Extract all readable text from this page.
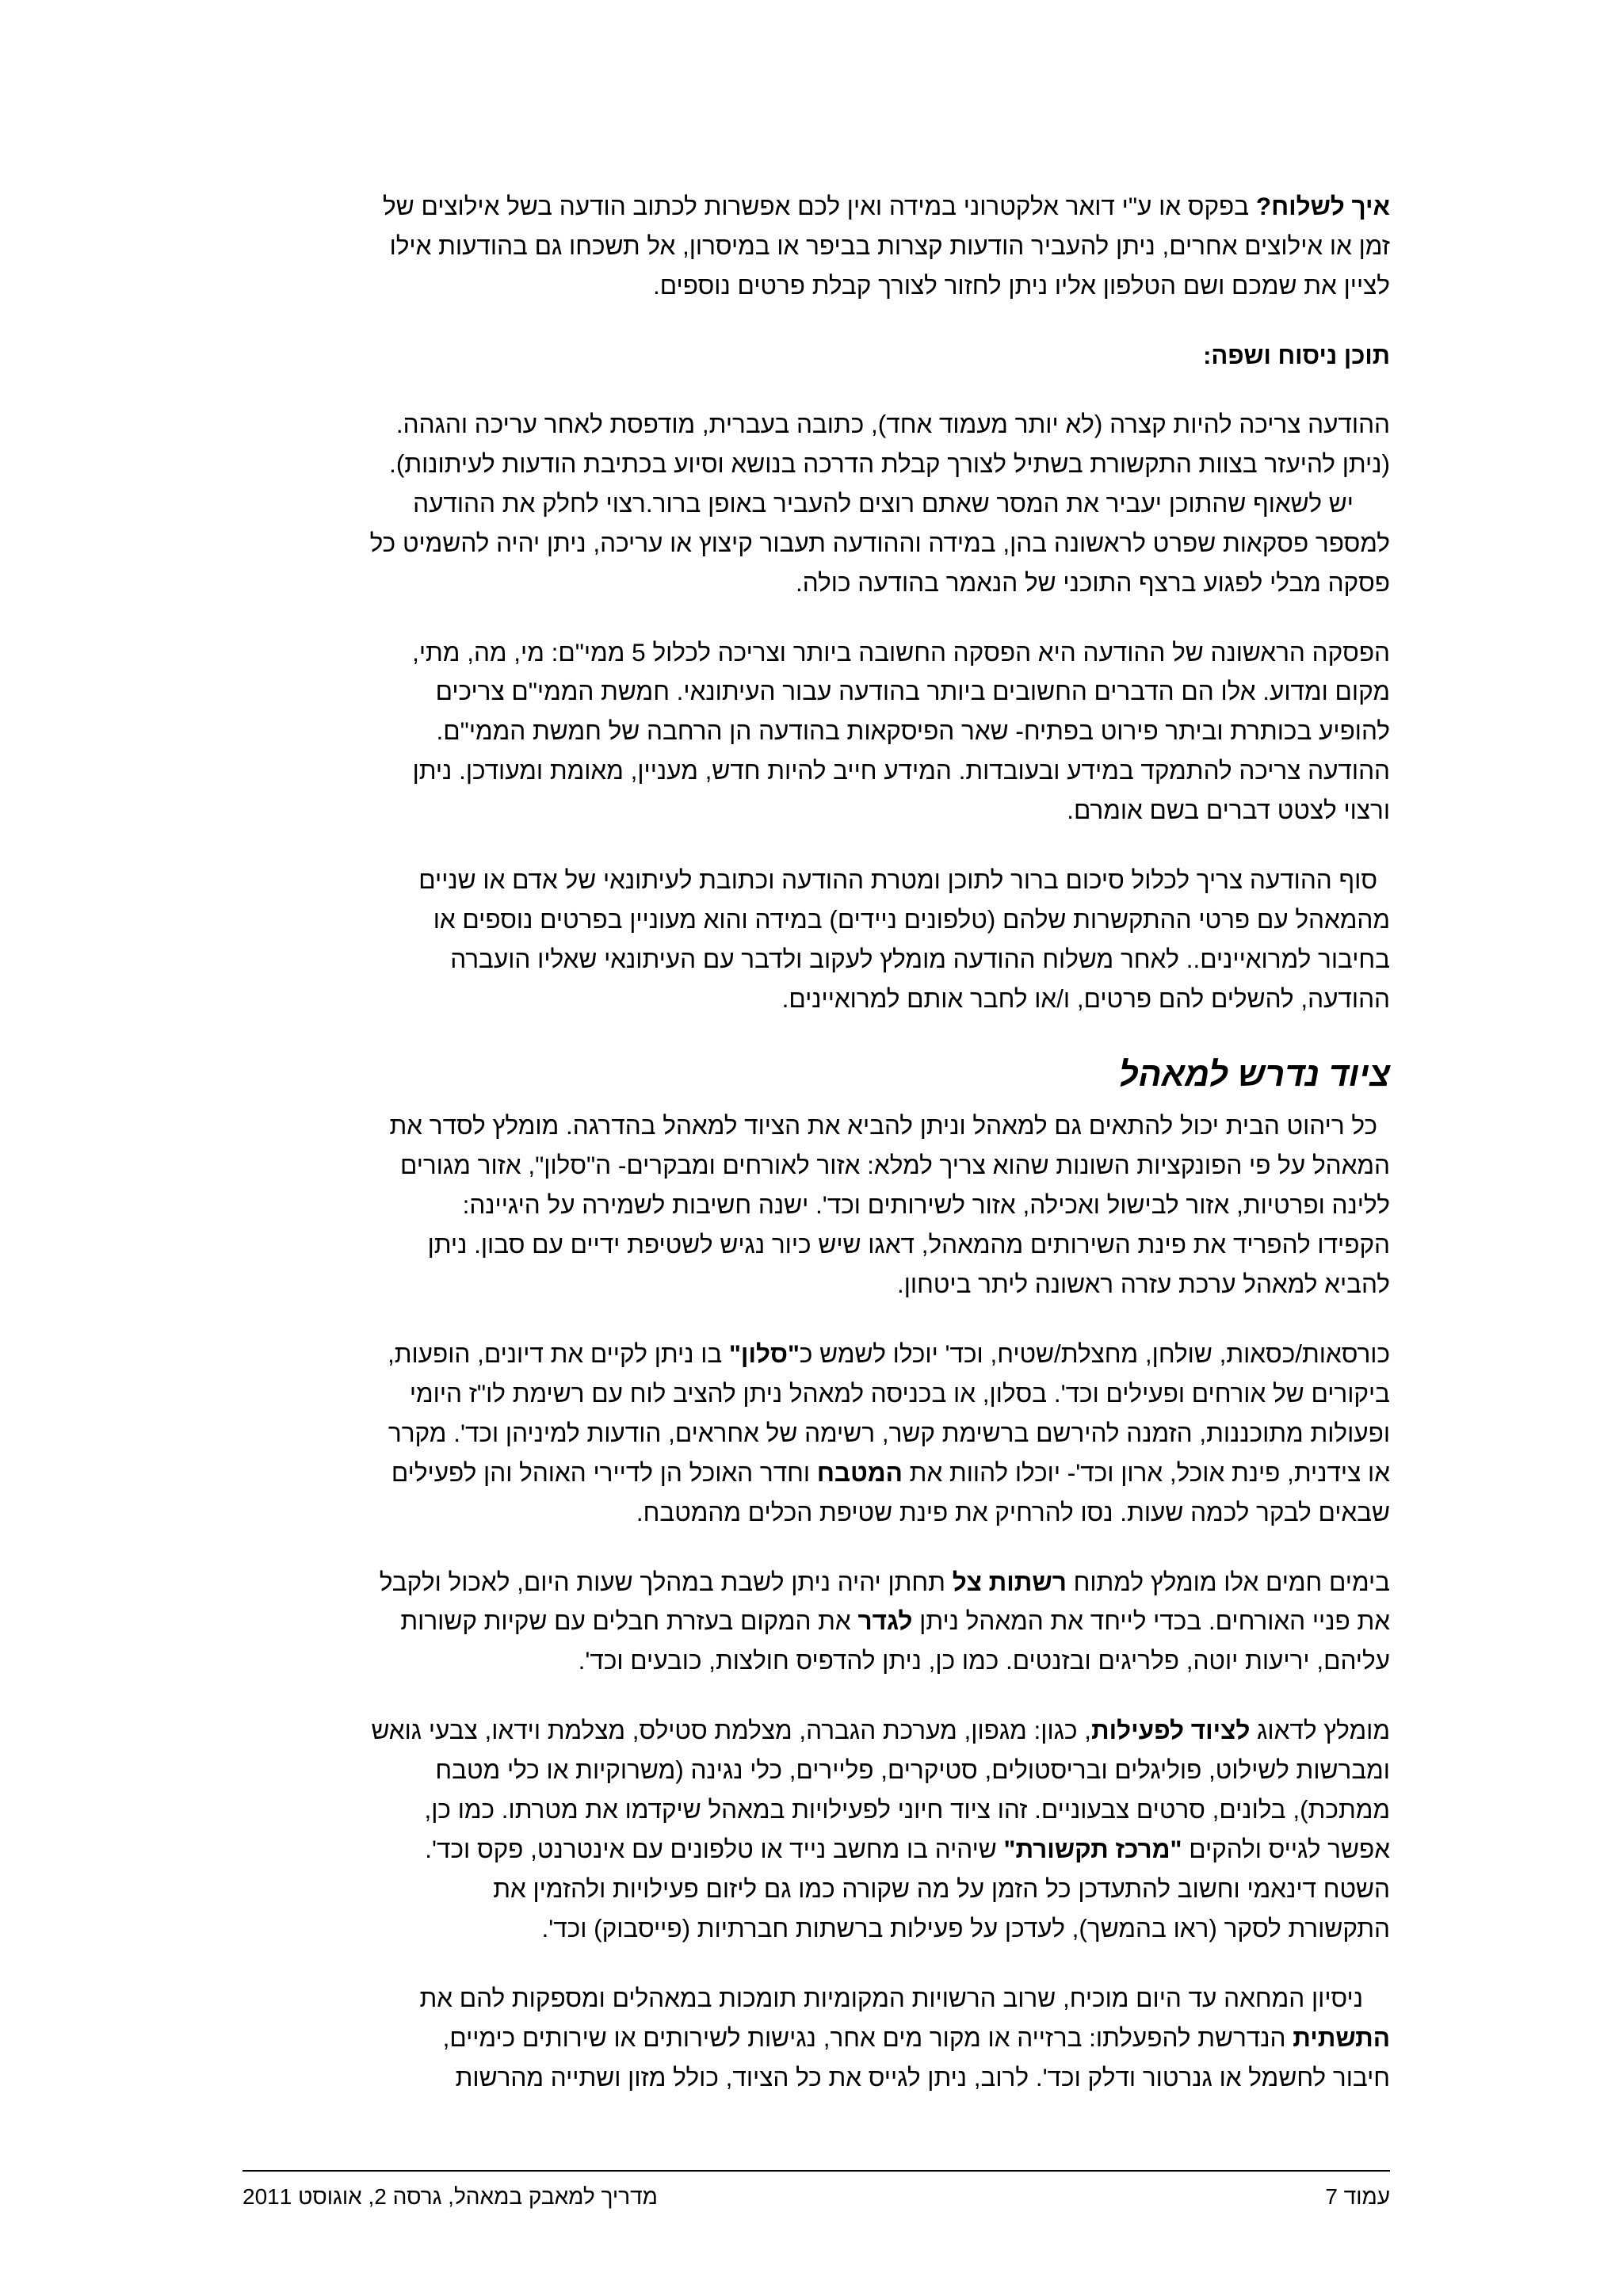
איך לשלוח? בפקס או ע"י דואר אלקטרוני במידה ואין לכם אפשרות לכתוב הודעה בשל אילוצים של
זמן או אילוצים אחרים, ניתן להעביר הודעות קצרות בביפר או במיסרון, אל תשכחו גם בהודעות אילו
לציין את שמכם ושם הטלפון אליו ניתן לחזור לצורך קבלת פרטים נוספים.
תוכן ניסוח ושפה:
ההודעה צריכה להיות קצרה (לא יותר מעמוד אחד), כתובה בעברית, מודפסת לאחר עריכה והגהה.
(ניתן להיעזר בצוות התקשורת בשתיל לצורך קבלת הדרכה בנושא וסיוע בכתיבת הודעות לעיתונות).
יש לשאוף שהתוכן יעביר את המסר שאתם רוצים להעביר באופן ברור.רצוי לחלק את ההודעה
למספר פסקאות שפרט לראשונה בהן, במידה וההודעה תעבור קיצוץ או עריכה, ניתן יהיה להשמיט כל
פסקה מבלי לפגוע ברצף התוכני של הנאמר בהודעה כולה.
הפסקה הראשונה של ההודעה היא הפסקה החשובה ביותר וצריכה לכלול 5 ממי"ם: מי, מה, מתי,
מקום ומדוע. אלו הם הדברים החשובים ביותר בהודעה עבור העיתונאי. חמשת הממי"ם צריכים
להופיע בכותרת וביתר פירוט בפתיח- שאר הפיסקאות בהודעה הן הרחבה של חמשת הממי"ם.
ההודעה צריכה להתמקד במידע ובעובדות. המידע חייב להיות חדש, מעניין, מאומת ומעודכן. ניתן
ורצוי לצטט דברים בשם אומרם.
סוף ההודעה צריך לכלול סיכום ברור לתוכן ומטרת ההודעה וכתובת לעיתונאי של אדם או שניים
מהמאהל עם פרטי ההתקשרות שלהם (טלפונים ניידים) במידה והוא מעוניין בפרטים נוספים או
בחיבור למרואיינים.. לאחר משלוח ההודעה מומלץ לעקוב ולדבר עם העיתונאי שאליו הועברה
ההודעה, להשלים להם פרטים, ו/או לחבר אותם למרואיינים.
ציוד נדרש למאהל
כל ריהוט הבית יכול להתאים גם למאהל וניתן להביא את הציוד למאהל בהדרגה. מומלץ לסדר את
המאהל על פי הפונקציות השונות שהוא צריך למלא: אזור לאורחים ומבקרים- ה"סלון", אזור מגורים
ללינה ופרטיות, אזור לבישול ואכילה, אזור לשירותים וכד'. ישנה חשיבות לשמירה על היגיינה:
הקפידו להפריד את פינת השירותים מהמאהל, דאגו שיש כיור נגיש לשטיפת ידיים עם סבון. ניתן
להביא למאהל ערכת עזרה ראשונה ליתר ביטחון.
כורסאות/כסאות, שולחן, מחצלת/שטיח, וכד' יוכלו לשמש כ"סלון" בו ניתן לקיים את דיונים, הופעות,
ביקורים של אורחים ופעילים וכד'. בסלון, או בכניסה למאהל ניתן להציב לוח עם רשימת לו"ז היומי
ופעולות מתוכננות, הזמנה להירשם ברשימת קשר, רשימה של אחראים, הודעות למיניהן וכד'. מקרר
או צידנית, פינת אוכל, ארון וכד'- יוכלו להוות את המטבח וחדר האוכל הן לדיירי האוהל והן לפעילים
שבאים לבקר לכמה שעות. נסו להרחיק את פינת שטיפת הכלים מהמטבח.
בימים חמים אלו מומלץ למתוח רשתות צל תחתן יהיה ניתן לשבת במהלך שעות היום, לאכול ולקבל
את פניי האורחים. בכדי לייחד את המאהל ניתן לגדר את המקום בעזרת חבלים עם שקיות קשורות
עליהם, יריעות יוטה, פלריגים ובזנטים. כמו כן, ניתן להדפיס חולצות, כובעים וכד'.
מומלץ לדאוג לציוד לפעילות, כגון: מגפון, מערכת הגברה, מצלמת סטילס, מצלמת וידאו, צבעי גואש
ומברשות לשילוט, פוליגלים ובריסטולים, סטיקרים, פליירים, כלי נגינה (משרוקיות או כלי מטבח
ממתכת), בלונים, סרטים צבעוניים. זהו ציוד חיוני לפעילויות במאהל שיקדמו את מטרתו. כמו כן,
אפשר לגייס ולהקים "מרכז תקשורת" שיהיה בו מחשב נייד או טלפונים עם אינטרנט, פקס וכד'.
השטח דינאמי וחשוב להתעדכן כל הזמן על מה שקורה כמו גם ליזום פעילויות ולהזמין את
התקשורת לסקר (ראו בהמשך), לעדכן על פעילות ברשתות חברתיות (פייסבוק) וכד'.
ניסיון המחאה עד היום מוכיח, שרוב הרשויות המקומיות תומכות במאהלים ומספקות להם את
התשתית הנדרשת להפעלתו: ברזייה או מקור מים אחר, נגישות לשירותים או שירותים כימיים,
חיבור לחשמל או גנרטור ודלק וכד'. לרוב, ניתן לגייס את כל הציוד, כולל מזון ושתייה מהרשות
מדריך למאבק במאהל, גרסה 2, אוגוסט 2011	עמוד 7
